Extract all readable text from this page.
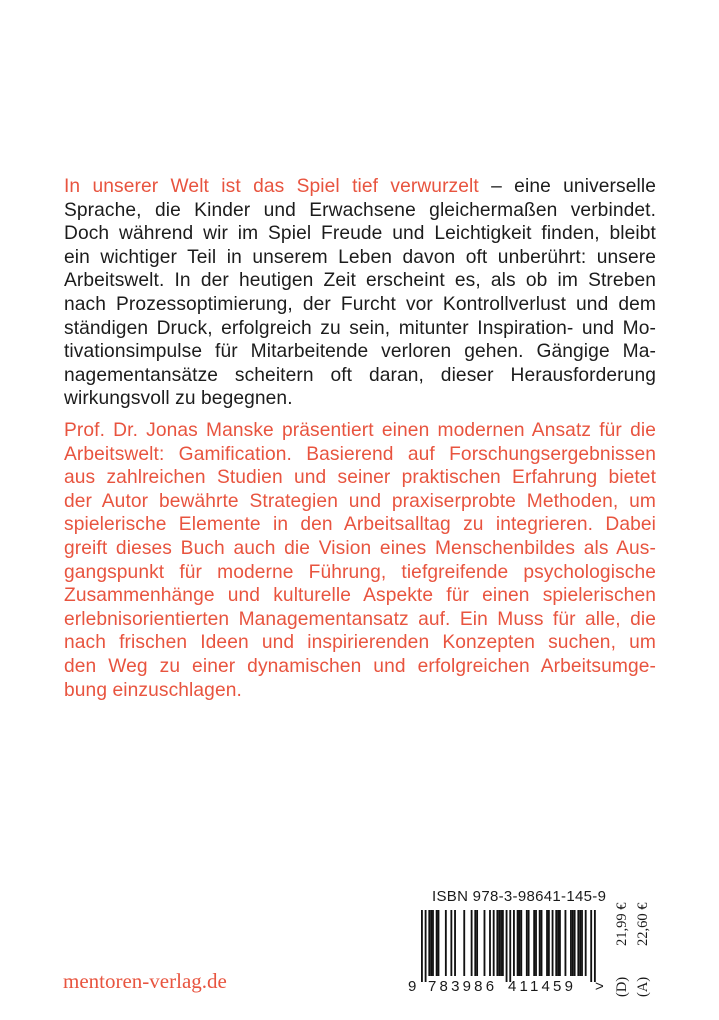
In unserer Welt ist das Spiel tief verwurzelt – eine universelle
Sprache, die Kinder und Erwachsene gleichermaßen verbindet.
Doch während wir im Spiel Freude und Leichtigkeit finden, bleibt
ein wichtiger Teil in unserem Leben davon oft unberührt: unsere
Arbeitswelt. In der heutigen Zeit erscheint es, als ob im Streben
nach Prozessoptimierung, der Furcht vor Kontrollverlust und dem
ständigen Druck, erfolgreich zu sein, mitunter Inspiration- und Mo-
tivationsimpulse für Mitarbeitende verloren gehen. Gängige Ma-
nagementansätze scheitern oft daran, dieser Herausforderung
wirkungsvoll zu begegnen.
Prof. Dr. Jonas Manske präsentiert einen modernen Ansatz für die
Arbeitswelt: Gamification. Basierend auf Forschungsergebnissen
aus zahlreichen Studien und seiner praktischen Erfahrung bietet
der Autor bewährte Strategien und praxiserprobte Methoden, um
spielerische Elemente in den Arbeitsalltag zu integrieren. Dabei
greift dieses Buch auch die Vision eines Menschenbildes als Aus-
gangspunkt für moderne Führung, tiefgreifende psychologische
Zusammenhänge und kulturelle Aspekte für einen spielerischen
erlebnisorientierten Managementansatz auf. Ein Muss für alle, die
nach frischen Ideen und inspirierenden Konzepten suchen, um
den Weg zu einer dynamischen und erfolgreichen Arbeitsumge-
bung einzuschlagen.
mentoren-verlag.de
ISBN 978-3-98641-145-9
9 783986 411459 >
21,99 € 22,60 €
(D) (A)
